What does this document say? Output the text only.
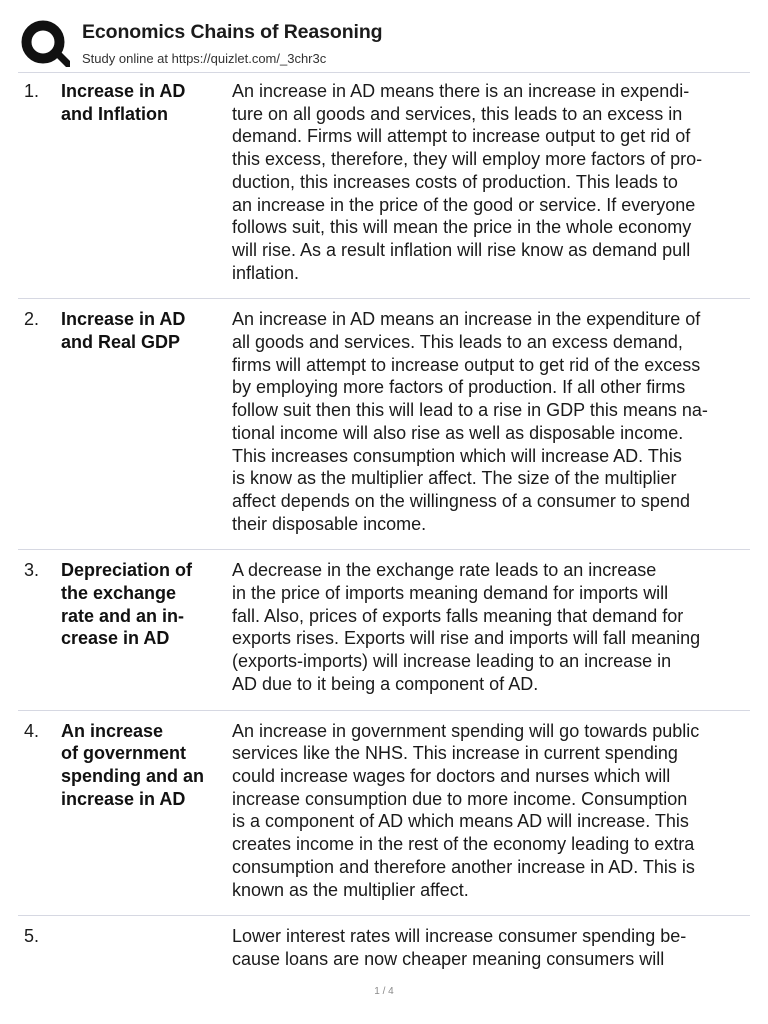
Economics Chains of Reasoning
Study online at https://quizlet.com/_3chr3c
1. Increase in AD
and Inflation
An increase in AD means there is an increase in expendi-
ture on all goods and services, this leads to an excess in
demand. Firms will attempt to increase output to get rid of
this excess, therefore, they will employ more factors of pro-
duction, this increases costs of production. This leads to
an increase in the price of the good or service. If everyone
follows suit, this will mean the price in the whole economy
will rise. As a result inflation will rise know as demand pull
inflation.
2. Increase in AD
and Real GDP
An increase in AD means an increase in the expenditure of
all goods and services. This leads to an excess demand,
firms will attempt to increase output to get rid of the excess
by employing more factors of production. If all other firms
follow suit then this will lead to a rise in GDP this means na-
tional income will also rise as well as disposable income.
This increases consumption which will increase AD. This
is know as the multiplier affect. The size of the multiplier
affect depends on the willingness of a consumer to spend
their disposable income.
3. Depreciation of
the exchange
rate and an in-
crease in AD
A decrease in the exchange rate leads to an increase
in the price of imports meaning demand for imports will
fall. Also, prices of exports falls meaning that demand for
exports rises. Exports will rise and imports will fall meaning
(exports-imports) will increase leading to an increase in
AD due to it being a component of AD.
4. An increase
of government
spending and an
increase in AD
An increase in government spending will go towards public
services like the NHS. This increase in current spending
could increase wages for doctors and nurses which will
increase consumption due to more income. Consumption
is a component of AD which means AD will increase. This
creates income in the rest of the economy leading to extra
consumption and therefore another increase in AD. This is
known as the multiplier affect.
5.	Lower interest rates will increase consumer spending be-
cause loans are now cheaper meaning consumers will
1 / 4
